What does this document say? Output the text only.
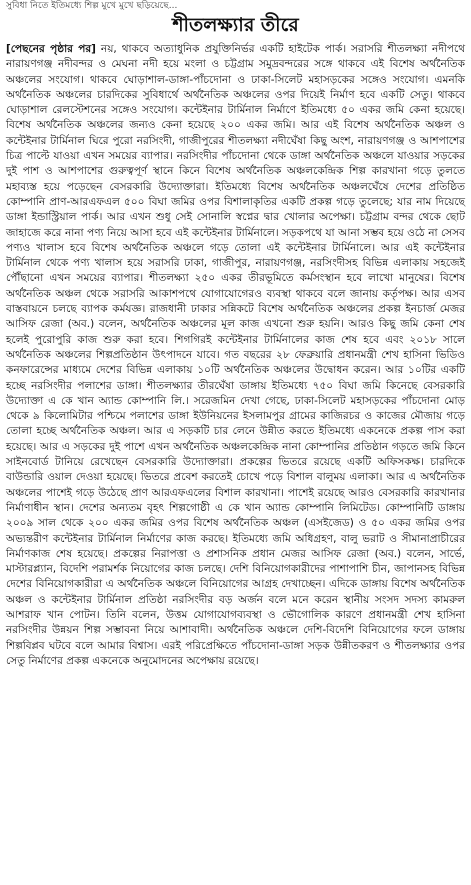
সুবিধা নিতে ইতিমধ্যে শিল্প মুখে মুখে ছড়িয়েছে...
শীতলক্ষ্যার তীরে

[পেছনের পৃষ্ঠার পর] নয়, থাকবে অত্যাধুনিক প্রযুক্তিনির্ভর একটি হাইটেক পার্ক। সরাসরি শীতলক্ষ্যা নদীপথে নারায়ণগঞ্জ নদীবন্দর ও মেঘনা নদী হয়ে মংলা ও চট্টগ্রাম সমুদ্রবন্দরের সঙ্গে থাকবে এই বিশেষ অর্থনৈতিক অঞ্চলের সংযোগ। থাকবে ঘোড়াশাল-ডাঙ্গা-পাঁচদোনা ও ঢাকা-সিলেট মহাসড়কের সঙ্গেও সংযোগ। এমনকি অর্থনৈতিক অঞ্চলের চারদিকের সুবিধার্থে অর্থনৈতিক অঞ্চলের ওপর দিয়েই নির্মাণ হবে একটি সেতু। থাকবে ঘোড়াশাল রেলস্টেশনের সঙ্গেও সংযোগ। কন্টেইনার টার্মিনাল নির্মাণে ইতিমধ্যে ৫০ একর জমি কেনা হয়েছে। বিশেষ অর্থনৈতিক অঞ্চলের জন্যও কেনা হয়েছে ২০০ একর জমি। আর এই বিশেষ অর্থনৈতিক অঞ্চল ও কন্টেইনার টার্মিনাল ঘিরে পুরো নরসিংদী, গাজীপুরের শীতলক্ষ্যা নদীঘেঁষা কিছু অংশ, নারায়ণগঞ্জ ও আশপাশের চিত্র পাল্টে যাওয়া এখন সময়ের ব্যাপার। নরসিংদীর পাঁচদোনা থেকে ডাঙ্গা অর্থনৈতিক অঞ্চলে যাওয়ার সড়কের দুই পাশ ও আশপাশের গুরুত্বপূর্ণ স্থানে কিনে বিশেষ অর্থনৈতিক অঞ্চলকেন্দ্রিক শিল্প কারখানা গড়ে তুলতে মহাব্যস্ত হয়ে পড়েছেন বেসরকারি উদ্যোক্তারা। ইতিমধ্যে বিশেষ অর্থনৈতিক অঞ্চলঘেঁষে দেশের প্রতিষ্ঠিত কোম্পানি প্রাণ-আরএফএল ৫০০ বিঘা জমির ওপর বিশালাকৃতির একটি প্রকল্প গড়ে তুলেছে; যার নাম দিয়েছে ডাঙ্গা ইন্ডাস্ট্রিয়াল পার্ক। আর এখন শুধু সেই সোনালি স্বপ্নের দ্বার খোলার অপেক্ষা। চট্টগ্রাম বন্দর থেকে ছোট জাহাজে করে নানা পণ্য নিয়ে আসা হবে এই কন্টেইনার টার্মিনালে। সড়কপথে যা আনা সম্ভব হয়ে ওঠে না সেসব পণ্যও খালাস হবে বিশেষ অর্থনৈতিক অঞ্চলে গড়ে তোলা এই কন্টেইনার টার্মিনালে। আর এই কন্টেইনার টার্মিনাল থেকে পণ্য খালাস হয়ে সরাসরি ঢাকা, গাজীপুর, নারায়ণগঞ্জ, নরসিংদীসহ বিভিন্ন এলাকায় সহজেই পৌঁছানো এখন সময়ের ব্যাপার। শীতলক্ষ্যা ২৫০ একর তীরভূমিতে কর্মসংস্থান হবে লাখো মানুষের। বিশেষ অর্থনৈতিক অঞ্চল থেকে সরাসরি আকাশপথে যোগাযোগেরও ব্যবস্থা থাকবে বলে জানায় কর্তৃপক্ষ। আর এসব বাস্তবায়নে চলছে ব্যাপক কর্মযজ্ঞ। রাজধানী ঢাকার সন্নিকটে বিশেষ অর্থনৈতিক অঞ্চলের প্রকল্প ইনচার্জ মেজর আসিফ রেজা (অব.) বলেন, অর্থনৈতিক অঞ্চলের মূল কাজ এখনো শুরু হয়নি। আরও কিছু জমি কেনা শেষ হলেই পুরোপুরি কাজ শুরু করা হবে। শিগগিরই কন্টেইনার টার্মিনালের কাজ শেষ হবে এবং ২০১৮ সালে অর্থনৈতিক অঞ্চলের শিল্পপ্রতিষ্ঠান উৎপাদনে যাবে। গত বছরের ২৮ ফেব্রুয়ারি প্রধানমন্ত্রী শেখ হাসিনা ভিডিও কনফারেন্সের মাধ্যমে দেশের বিভিন্ন এলাকায় ১০টি অর্থনৈতিক অঞ্চলের উদ্বোধন করেন। আর ১০টির একটি হচ্ছে নরসিংদীর পলাশের ডাঙ্গা। শীতলক্ষ্যার তীরঘেঁষা ডাঙ্গায় ইতিমধ্যে ৭৫০ বিঘা জমি কিনেছে বেসরকারি উদ্যোক্তা এ কে খান অ্যান্ড কোম্পানি লি.। সরেজমিন দেখা গেছে, ঢাকা-সিলেট মহাসড়কের পাঁচদোনা মোড় থেকে ৯ কিলোমিটার পশ্চিমে পলাশের ডাঙ্গা ইউনিয়নের ইসলামপুর গ্রামের কাজিরচর ও কাজের মৌজায় গড়ে তোলা হচ্ছে অর্থনৈতিক অঞ্চল। আর এ সড়কটি চার লেনে উন্নীত করতে ইতিমধ্যে একনেকে প্রকল্প পাস করা হয়েছে। আর এ সড়কের দুই পাশে এখন অর্থনৈতিক অঞ্চলকেন্দ্রিক নানা কোম্পানির প্রতিষ্ঠান গড়তে জমি কিনে সাইনবোর্ড টানিয়ে রেখেছেন বেসরকারি উদ্যোক্তারা। প্রকল্পের ভিতরে রয়েছে একটি অফিসকক্ষ। চারদিকে বাউন্ডারি ওয়াল দেওয়া হয়েছে। ভিতরে প্রবেশ করতেই চোখে পড়ে বিশাল বালুময় এলাকা। আর এ অর্থনৈতিক অঞ্চলের পাশেই গড়ে উঠেছে প্রাণ আরএফএলের বিশাল কারখানা। পাশেই রয়েছে আরও বেসরকারি কারখানার নির্মাণাধীন স্থান। দেশের অন্যতম বৃহৎ শিল্পগোষ্ঠী এ কে খান অ্যান্ড কোম্পানি লিমিটেড। কোম্পানিটি ডাঙ্গায় ২০০৯ সাল থেকে ২০০ একর জমির ওপর বিশেষ অর্থনৈতিক অঞ্চল (এসইজেড) ও ৫০ একর জমির ওপর অভ্যন্তরীণ কন্টেইনার টার্মিনাল নির্মাণের কাজ করছে। ইতিমধ্যে জমি অধিগ্রহণ, বালু ভরাট ও সীমানাপ্রাচীরের নির্মাণকাজ শেষ হয়েছে। প্রকল্পের নিরাপত্তা ও প্রশাসনিক প্রধান মেজর আসিফ রেজা (অব.) বলেন, সার্ভে, মাস্টারপ্ল্যান, বিদেশি পরামর্শক নিয়োগের কাজ চলছে। দেশি বিনিয়োগকারীদের পাশাপাশি চীন, জাপানসহ বিভিন্ন দেশের বিনিয়োগকারীরা এ অর্থনৈতিক অঞ্চলে বিনিয়োগের আগ্রহ দেখাচ্ছেন। এদিকে ডাঙ্গায় বিশেষ অর্থনৈতিক অঞ্চল ও কন্টেইনার টার্মিনাল প্রতিষ্ঠা নরসিংদীর বড় অর্জন বলে মনে করেন স্থানীয় সংসদ সদস্য কামরুল আশরাফ খান পোটন। তিনি বলেন, উত্তম যোগাযোগব্যবস্থা ও ভৌগোলিক কারণে প্রধানমন্ত্রী শেখ হাসিনা নরসিংদীর উন্নয়ন শিল্প সম্ভাবনা নিয়ে আশাবাদী। অর্থনৈতিক অঞ্চলে দেশি-বিদেশি বিনিয়োগের ফলে ডাঙ্গায় শিল্পবিপ্লব ঘটবে বলে আমার বিশ্বাস। এরই পরিপ্রেক্ষিতে পাঁচদোনা-ডাঙ্গা সড়ক উন্নীতকরণ ও শীতলক্ষ্যার ওপর সেতু নির্মাণের প্রকল্প একনেকে অনুমোদনের অপেক্ষায় রয়েছে।
